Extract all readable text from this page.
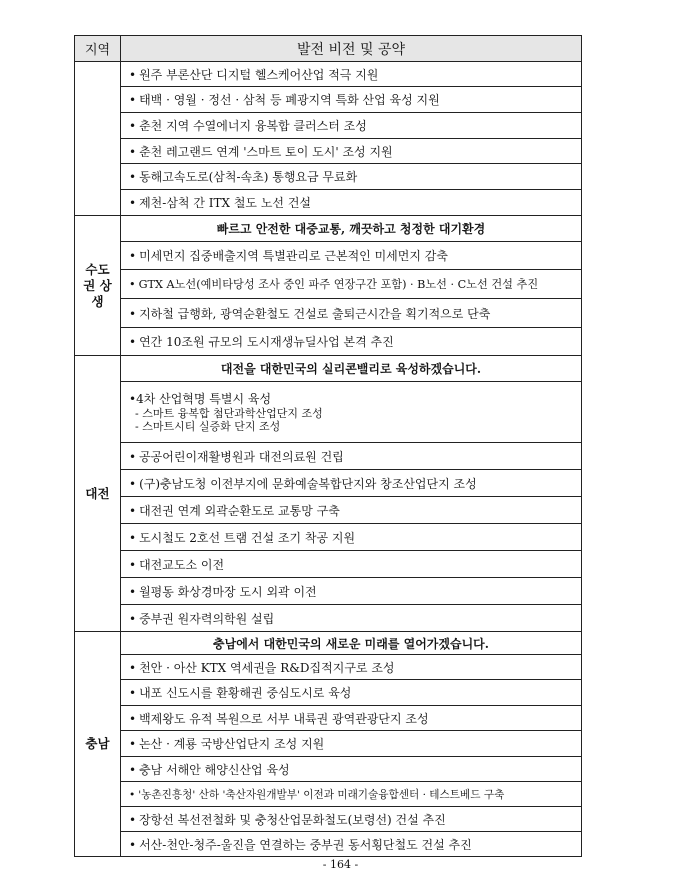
지역	발전 비전 및 공약
	• 원주 부론산단 디지털 헬스케어산업 적극 지원
	• 태백 · 영월 · 정선 · 삼척 등 폐광지역 특화 산업 육성 지원
	• 춘천 지역 수열에너지 융복합 클러스터 조성
	• 춘천 레고랜드 연계 '스마트 토이 도시' 조성 지원
	• 동해고속도로(삼척-속초) 통행요금 무료화
	• 제천-삼척 간 ITX 철도 노선 건설
수도권 상생	빠르고 안전한 대중교통, 깨끗하고 청정한 대기환경
	• 미세먼지 집중배출지역 특별관리로 근본적인 미세먼지 감축
	• GTX A노선(예비타당성 조사 중인 파주 연장구간 포함) · B노선 · C노선 건설 추진
	• 지하철 급행화, 광역순환철도 건설로 출퇴근시간을 획기적으로 단축
	• 연간 10조원 규모의 도시재생뉴딜사업 본격 추진
대전	대전을 대한민국의 실리콘밸리로 육성하겠습니다.

	•4차 산업혁명 특별시 육성
- 스마트 융복합 첨단과학산업단지 조성
- 스마트시티 실증화 단지 조성

	• 공공어린이재활병원과 대전의료원 건립
	• (구)충남도청 이전부지에 문화예술복합단지와 창조산업단지 조성
	• 대전권 연계 외곽순환도로 교통망 구축
	• 도시철도 2호선 트램 건설 조기 착공 지원
	• 대전교도소 이전
	• 월평동 화상경마장 도시 외곽 이전
	• 중부권 원자력의학원 설립
충남	충남에서 대한민국의 새로운 미래를 열어가겠습니다.
	• 천안 · 아산 KTX 역세권을 R&D집적지구로 조성
	• 내포 신도시를 환황해권 중심도시로 육성
	• 백제왕도 유적 복원으로 서부 내륙권 광역관광단지 조성
	• 논산 · 계룡 국방산업단지 조성 지원
	• 충남 서해안 해양신산업 육성
	• '농촌진흥청' 산하 '축산자원개발부' 이전과 미래기술융합센터 · 테스트베드 구축
	• 장항선 복선전철화 및 충청산업문화철도(보령선) 건설 추진
	• 서산-천안-청주-울진을 연결하는 중부권 동서횡단철도 건설 추진
- 164 -
